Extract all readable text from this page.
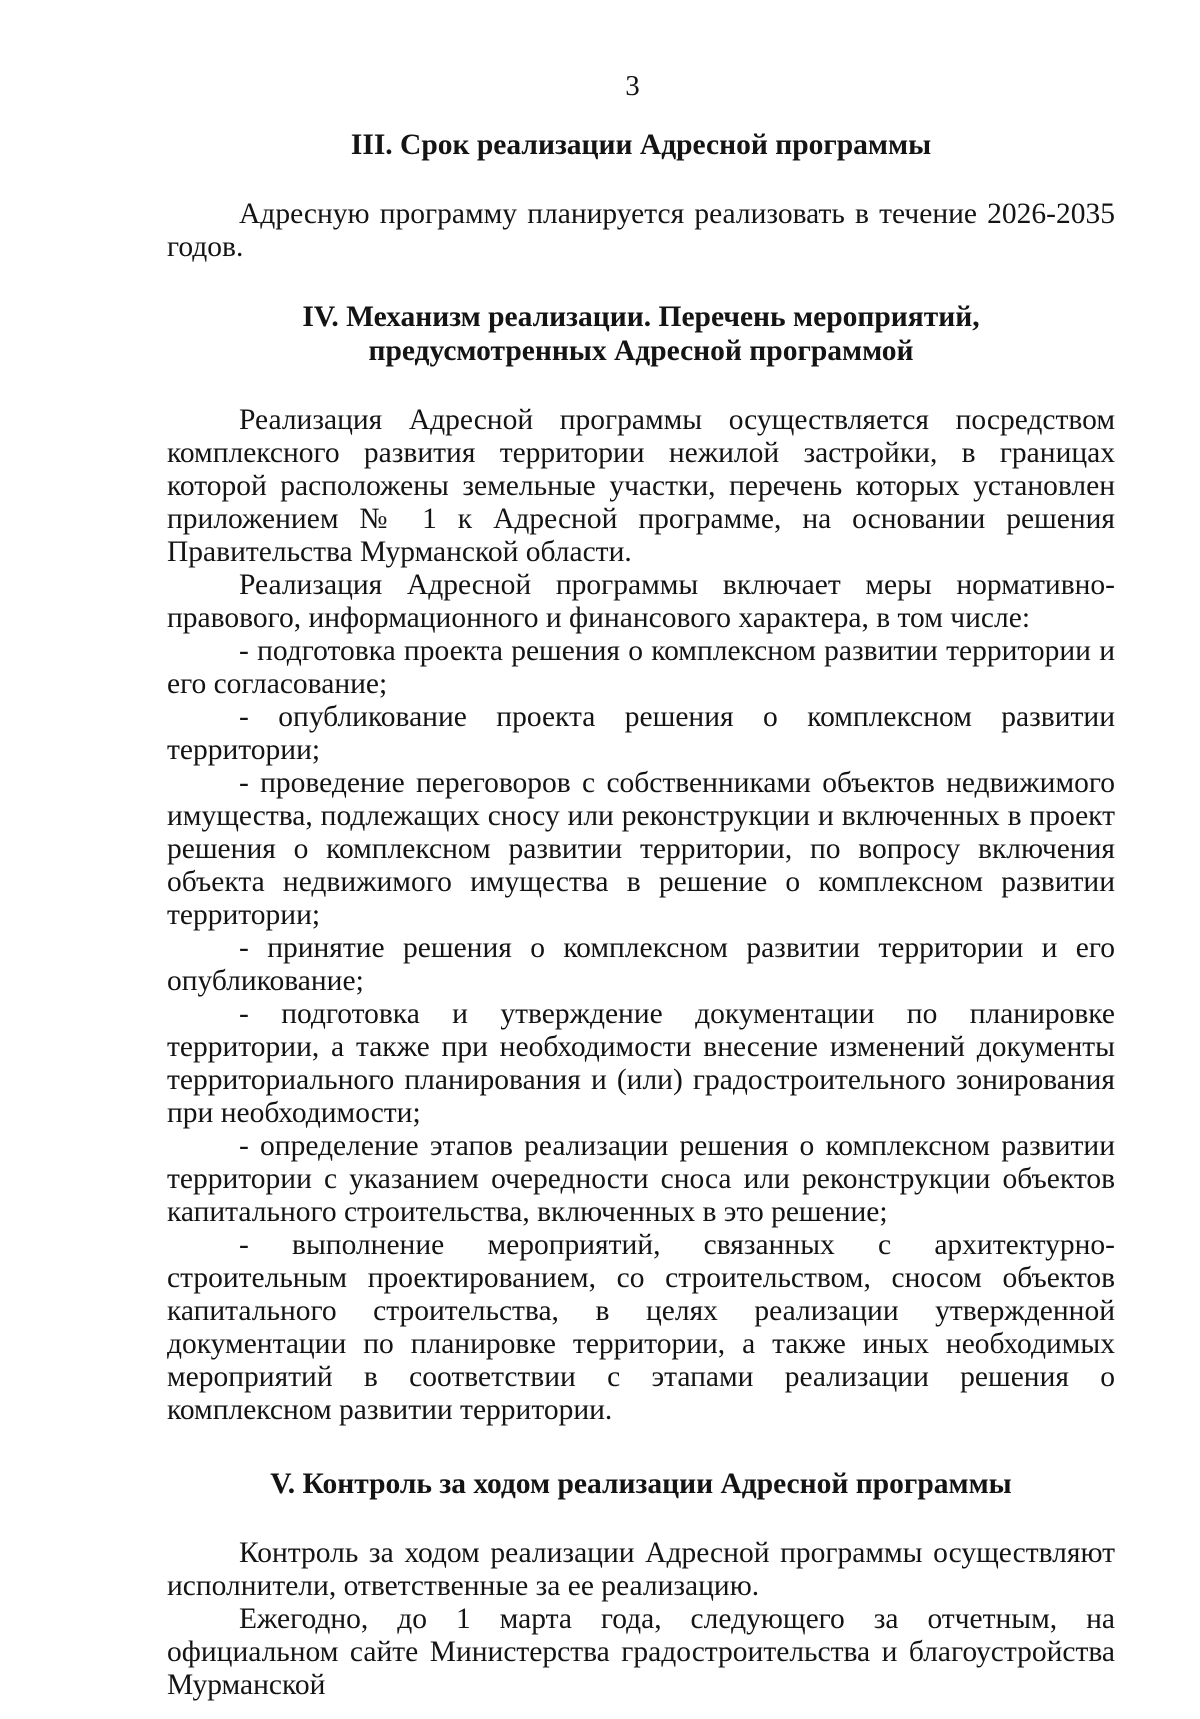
3

III. Срок реализации Адресной программы

Адресную программу планируется реализовать в течение 2026-2035 годов.

IV. Механизм реализации. Перечень мероприятий,

предусмотренных Адресной программой

Реализация Адресной программы осуществляется посредством комплексного развития территории нежилой застройки, в границах которой расположены земельные участки, перечень которых установлен приложением № 1 к Адресной программе, на основании решения Правительства Мурманской области.

Реализация Адресной программы включает меры нормативно-правового, информационного и финансового характера, в том числе:

- подготовка проекта решения о комплексном развитии территории и его согласование;

- опубликование проекта решения о комплексном развитии территории;

- проведение переговоров с собственниками объектов недвижимого имущества, подлежащих сносу или реконструкции и включенных в проект решения о комплексном развитии территории, по вопросу включения объекта недвижимого имущества в решение о комплексном развитии территории;

- принятие решения о комплексном развитии территории и его опубликование;

- подготовка и утверждение документации по планировке территории, а также при необходимости внесение изменений документы территориального планирования и (или) градостроительного зонирования при необходимости;

- определение этапов реализации решения о комплексном развитии территории с указанием очередности сноса или реконструкции объектов капитального строительства, включенных в это решение;

- выполнение мероприятий, связанных с архитектурно-строительным проектированием, со строительством, сносом объектов капитального строительства, в целях реализации утвержденной документации по планировке территории, а также иных необходимых мероприятий в соответствии с этапами реализации решения о комплексном развитии территории.

V. Контроль за ходом реализации Адресной программы

Контроль за ходом реализации Адресной программы осуществляют исполнители, ответственные за ее реализацию.

Ежегодно, до 1 марта года, следующего за отчетным, на официальном сайте Министерства градостроительства и благоустройства Мурманской
